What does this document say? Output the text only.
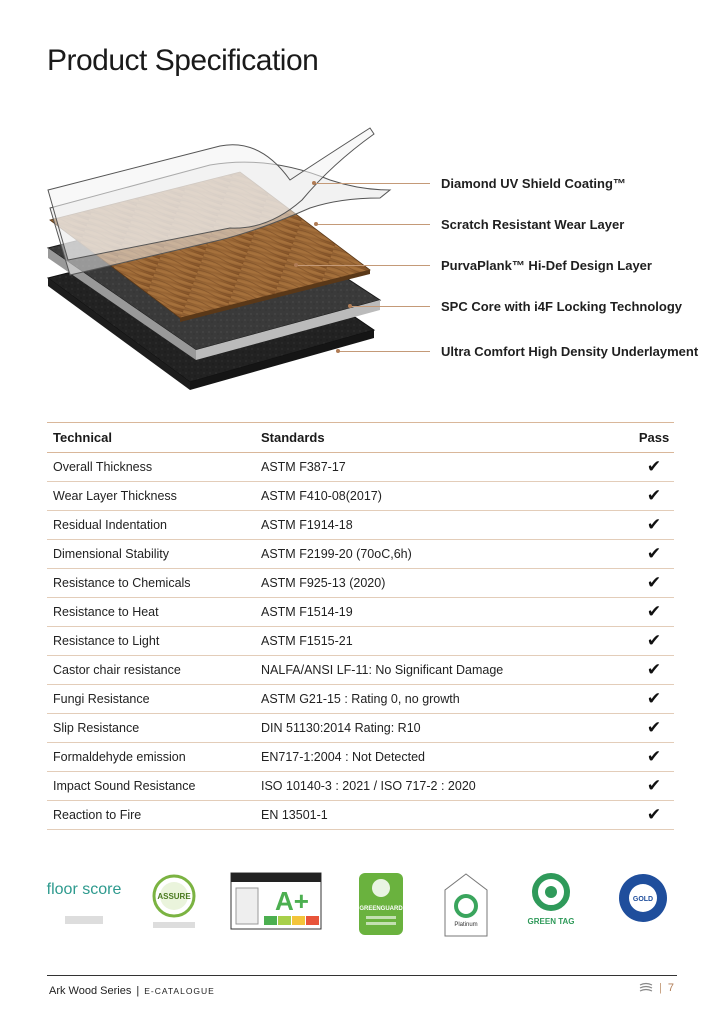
Product Specification
Diamond UV Shield Coating™
Scratch Resistant Wear Layer
PurvaPlank™ Hi-Def Design Layer
SPC Core with i4F Locking Technology
Ultra Comfort High Density Underlayment
Technical	Standards	Pass
Overall Thickness	ASTM F387-17	✔
Wear Layer Thickness	ASTM F410-08(2017)	✔
Residual Indentation	ASTM F1914-18	✔
Dimensional Stability	ASTM F2199-20 (70oC,6h)	✔
Resistance to Chemicals	ASTM F925-13 (2020)	✔
Resistance to Heat	ASTM F1514-19	✔
Resistance to Light	ASTM F1515-21	✔
Castor chair resistance	NALFA/ANSI LF-11: No Significant Damage	✔
Fungi Resistance	ASTM G21-15 : Rating 0, no growth	✔
Slip Resistance	DIN 51130:2014 Rating: R10	✔
Formaldehyde emission	EN717-1:2004 : Not Detected	✔
Impact Sound Resistance	ISO 10140-3 : 2021 / ISO 717-2 : 2020	✔
Reaction to Fire	EN 13501-1	✔
floor score	ASSURE	A+	GREENGUARD
Platinum	GREEN TAG
GOLD
Ark Wood Series | E-CATALOGUE	| 7
